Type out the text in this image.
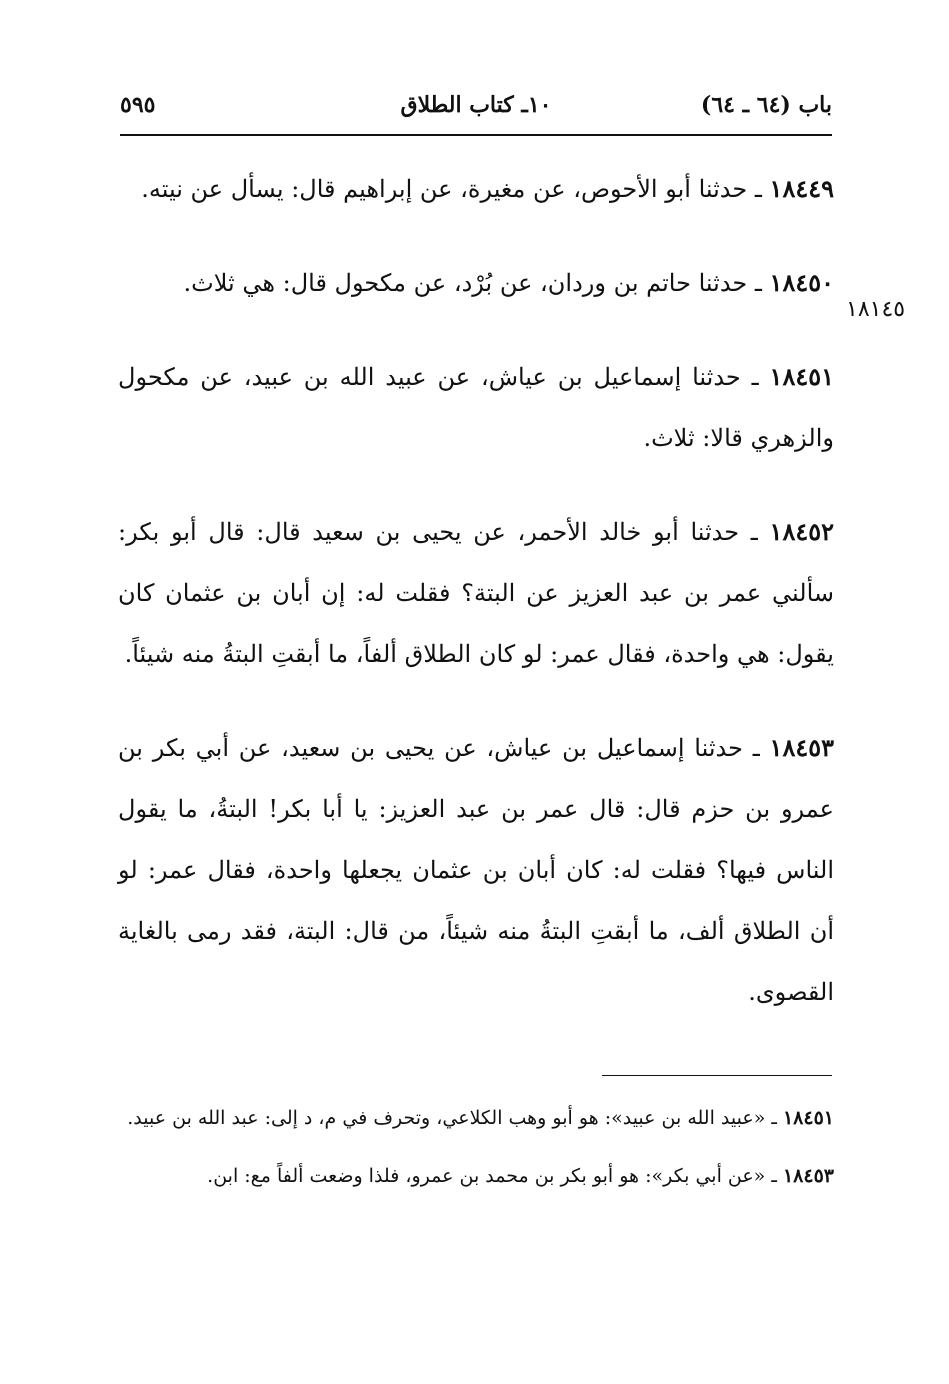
باب (٦٤ ـ ٦٤)
١٠ـ كتاب الطلاق
٥٩٥
١٨١٤٥

١٨٤٤٩ ـ حدثنا أبو الأحوص، عن مغيرة، عن إبراهيم قال: يسأل عن نيته.

١٨٤٥٠ ـ حدثنا حاتم بن وردان، عن بُرْد، عن مكحول قال: هي ثلاث.

١٨٤٥١ ـ حدثنا إسماعيل بن عياش، عن عبيد الله بن عبيد، عن مكحول والزهري قالا: ثلاث.

١٨٤٥٢ ـ حدثنا أبو خالد الأحمر، عن يحيى بن سعيد قال: قال أبو بكر: سألني عمر بن عبد العزيز عن البتة؟ فقلت له: إن أبان بن عثمان كان يقول: هي واحدة، فقال عمر: لو كان الطلاق ألفاً، ما أبقتِ البتةُ منه شيئاً.

١٨٤٥٣ ـ حدثنا إسماعيل بن عياش، عن يحيى بن سعيد، عن أبي بكر بن عمرو بن حزم قال: قال عمر بن عبد العزيز: يا أبا بكر! البتةُ، ما يقول الناس فيها؟ فقلت له: كان أبان بن عثمان يجعلها واحدة، فقال عمر: لو أن الطلاق ألف، ما أبقتِ البتةُ منه شيئاً، من قال: البتة، فقد رمى بالغاية القصوى.

١٨٤٥١ ـ «عبيد الله بن عبيد»: هو أبو وهب الكلاعي، وتحرف في م، د إلى: عبد الله بن عبيد.

١٨٤٥٣ ـ «عن أبي بكر»: هو أبو بكر بن محمد بن عمرو، فلذا وضعت ألفاً مع: ابن.
